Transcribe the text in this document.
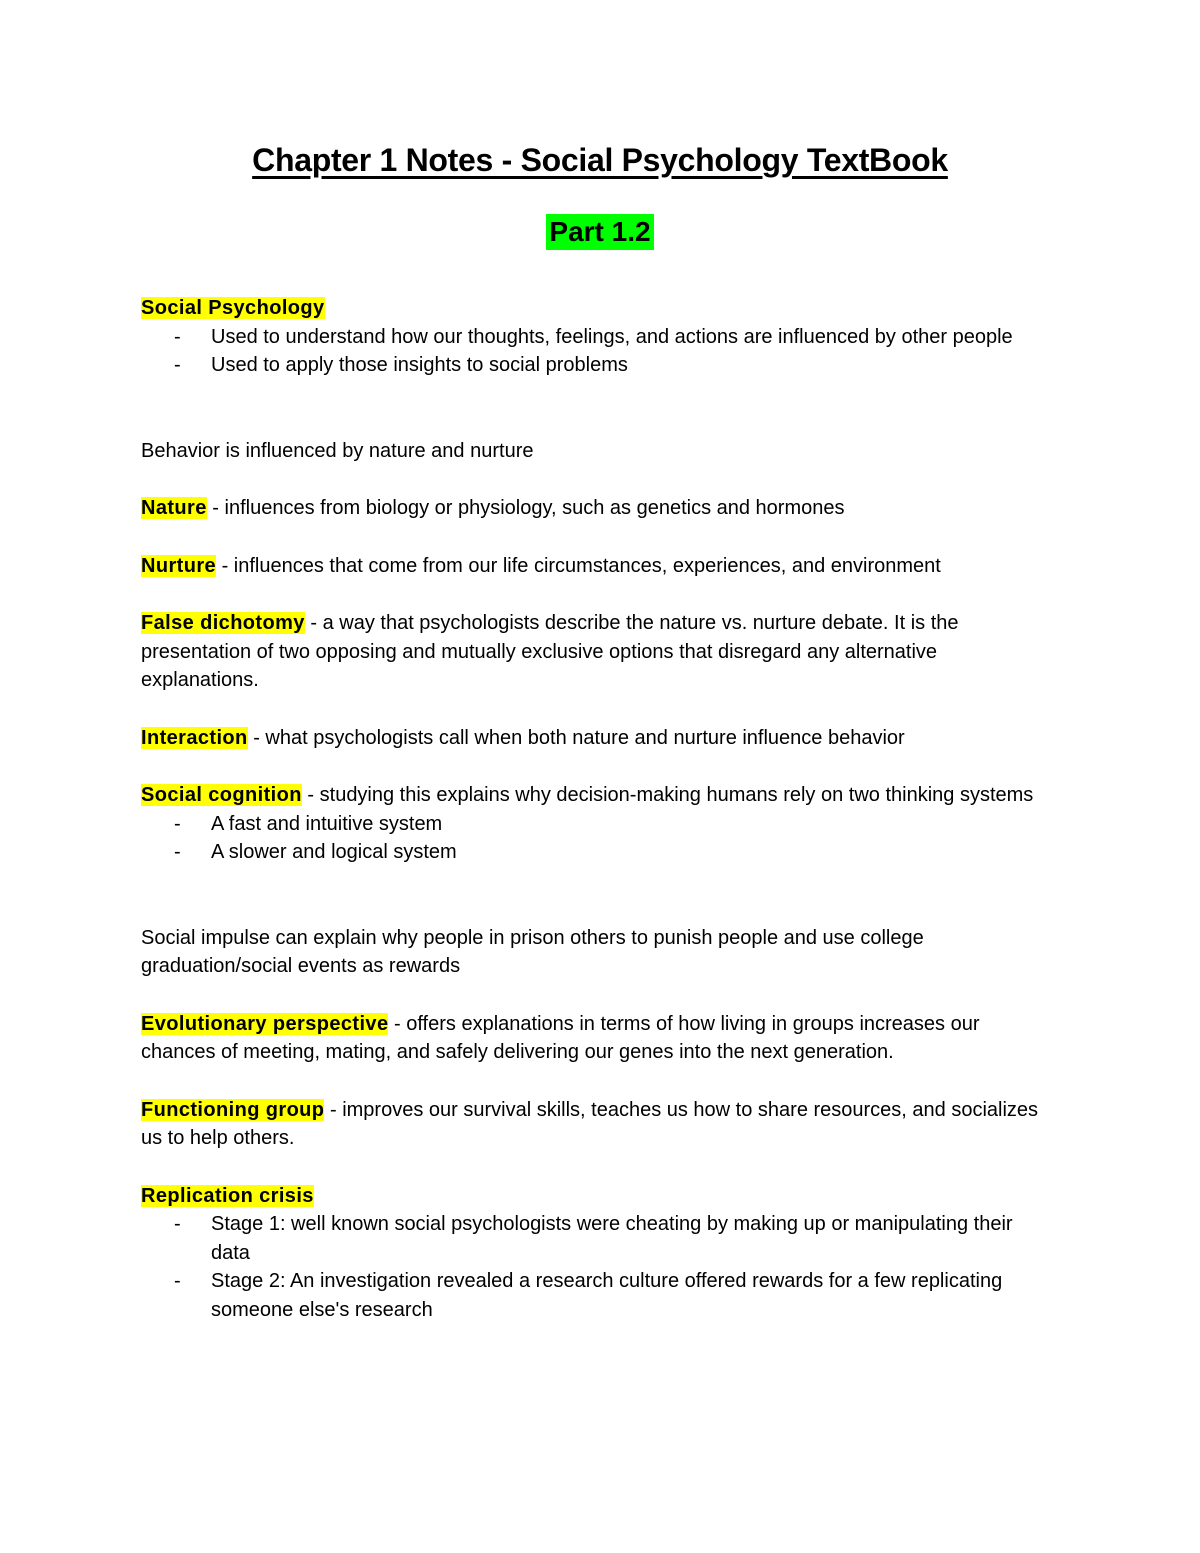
Chapter 1 Notes - Social Psychology TextBook
Part 1.2

Social Psychology

- Used to understand how our thoughts, feelings, and actions are influenced by other people
- Used to apply those insights to social problems

Behavior is influenced by nature and nurture

Nature - influences from biology or physiology, such as genetics and hormones

Nurture - influences that come from our life circumstances, experiences, and environment

False dichotomy - a way that psychologists describe the nature vs. nurture debate. It is the presentation of two opposing and mutually exclusive options that disregard any alternative explanations.

Interaction - what psychologists call when both nature and nurture influence behavior

Social cognition - studying this explains why decision-making humans rely on two thinking systems

- A fast and intuitive system
- A slower and logical system

Social impulse can explain why people in prison others to punish people and use college graduation/social events as rewards

Evolutionary perspective - offers explanations in terms of how living in groups increases our chances of meeting, mating, and safely delivering our genes into the next generation.

Functioning group - improves our survival skills, teaches us how to share resources, and socializes us to help others.

Replication crisis

- Stage 1: well known social psychologists were cheating by making up or manipulating their data
- Stage 2: An investigation revealed a research culture offered rewards for a few replicating someone else's research
